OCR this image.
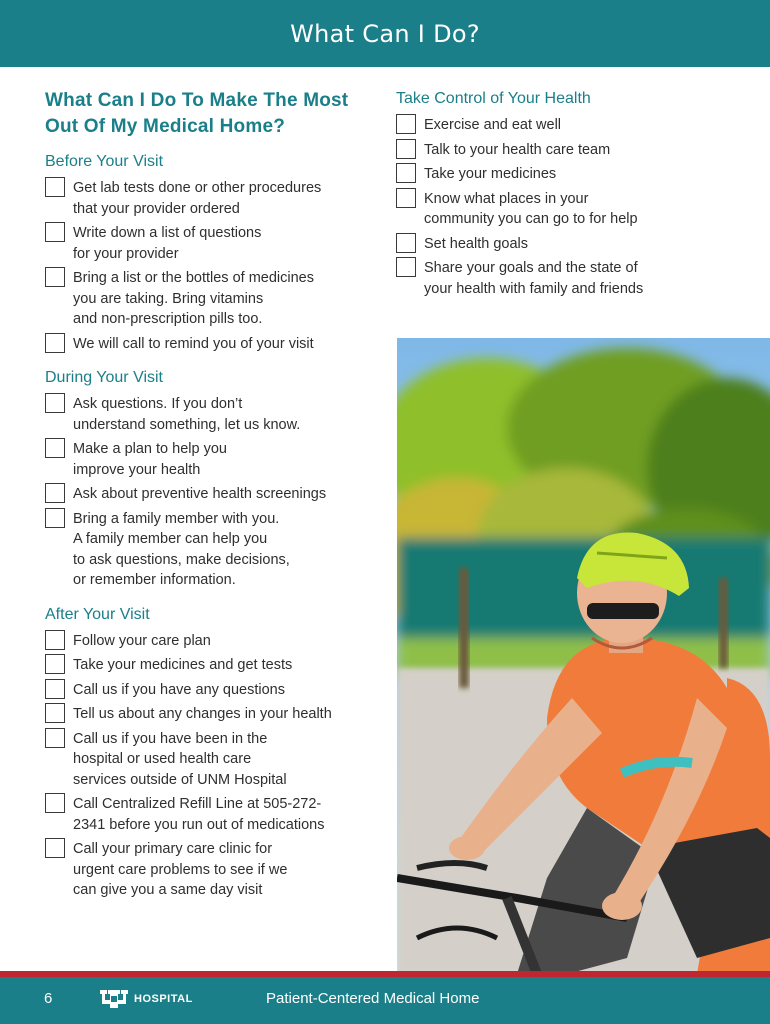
What Can I Do?
What Can I Do To Make The Most Out Of My Medical Home?
Before Your Visit
Get lab tests done or other procedures
that your provider ordered
Write down a list of questions
for your provider
Bring a list or the bottles of medicines
you are taking. Bring vitamins
and non-prescription pills too.
We will call to remind you of your visit
During Your Visit
Ask questions. If you don’t
understand something, let us know.
Make a plan to help you
improve your health
Ask about preventive health screenings
Bring a family member with you.
A family member can help you
to ask questions, make decisions,
or remember information.
After Your Visit
Follow your care plan
Take your medicines and get tests
Call us if you have any questions
Tell us about any changes in your health
Call us if you have been in the
hospital or used health care
services outside of UNM Hospital
Call Centralized Refill Line at 505-272-
2341 before you run out of medications
Call your primary care clinic for
urgent care problems to see if we
can give you a same day visit
Take Control of Your Health
Exercise and eat well
Talk to your health care team
Take your medicines
Know what places in your
community you can go to for help
Set health goals
Share your goals and the state of
your health with family and friends
6	HOSPITAL	Patient-Centered Medical Home
